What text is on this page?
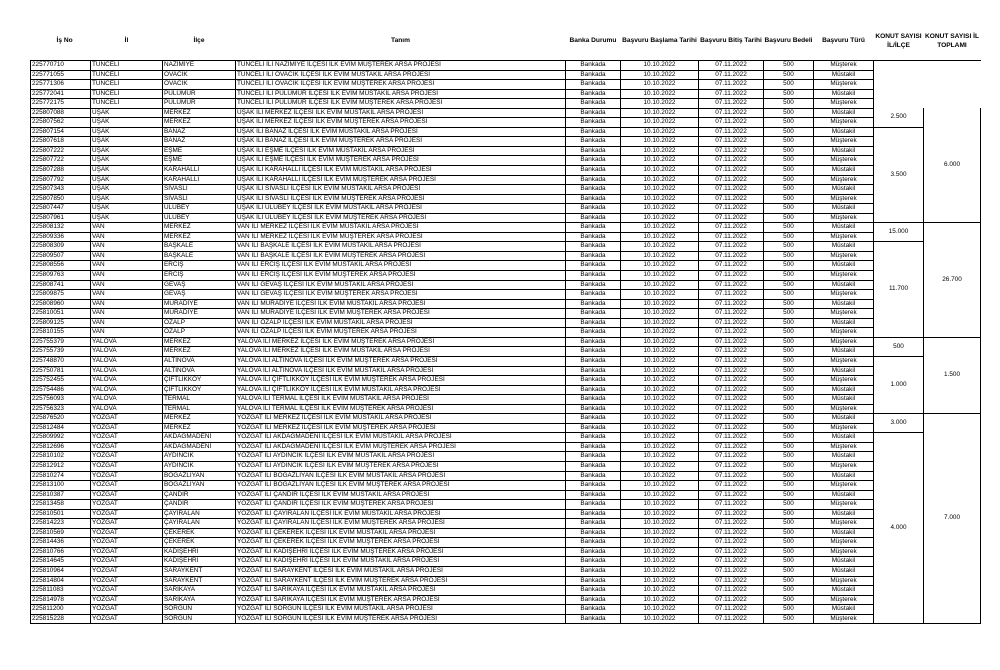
İş No	İl	İlçe	Tanım	Banka Durumu	Başvuru Başlama Tarihi	Başvuru Bitiş Tarihi	Başvuru Bedeli	Başvuru Türü	KONUT SAYISI İL/İLÇE	KONUT SAYISI İL TOPLAMI
225770710	TUNCELİ	NAZIMİYE	TUNCELİ İLİ NAZIMİYE İLÇESİ İLK EVİM MÜŞTEREK ARSA PROJESİ	Bankada	10.10.2022	07.11.2022	500	Müşterek		
225771055	TUNCELİ	OVACIK	TUNCELİ İLİ OVACIK İLÇESİ İLK EVİM MÜSTAKİL ARSA PROJESİ	Bankada	10.10.2022	07.11.2022	500	Müstakil		
225771306	TUNCELİ	OVACIK	TUNCELİ İLİ OVACIK İLÇESİ İLK EVİM MÜŞTEREK ARSA PROJESİ	Bankada	10.10.2022	07.11.2022	500	Müşterek		
225772041	TUNCELİ	PÜLÜMÜR	TUNCELİ İLİ PÜLÜMÜR İLÇESİ İLK EVİM MÜSTAKİL ARSA PROJESİ	Bankada	10.10.2022	07.11.2022	500	Müstakil		
225772175	TUNCELİ	PÜLÜMÜR	TUNCELİ İLİ PÜLÜMÜR İLÇESİ İLK EVİM MÜŞTEREK ARSA PROJESİ	Bankada	10.10.2022	07.11.2022	500	Müşterek		
225807088	UŞAK	MERKEZ	UŞAK İLİ MERKEZ İLÇESİ İLK EVİM MÜSTAKİL ARSA PROJESİ	Bankada	10.10.2022	07.11.2022	500	Müstakil	2.500	6.000
225807562	UŞAK	MERKEZ	UŞAK İLİ MERKEZ İLÇESİ İLK EVİM MÜŞTEREK ARSA PROJESİ	Bankada	10.10.2022	07.11.2022	500	Müşterek		
225807154	UŞAK	BANAZ	UŞAK İLİ BANAZ İLÇESİ İLK EVİM MÜSTAKİL ARSA PROJESİ	Bankada	10.10.2022	07.11.2022	500	Müstakil	3.500	
225807618	UŞAK	BANAZ	UŞAK İLİ BANAZ İLÇESİ İLK EVİM MÜŞTEREK ARSA PROJESİ	Bankada	10.10.2022	07.11.2022	500	Müşterek		
225807222	UŞAK	EŞME	UŞAK İLİ EŞME İLÇESİ İLK EVİM MÜSTAKİL ARSA PROJESİ	Bankada	10.10.2022	07.11.2022	500	Müstakil		
225807722	UŞAK	EŞME	UŞAK İLİ EŞME İLÇESİ İLK EVİM MÜŞTEREK ARSA PROJESİ	Bankada	10.10.2022	07.11.2022	500	Müşterek		
225807288	UŞAK	KARAHALLI	UŞAK İLİ KARAHALLI İLÇESİ İLK EVİM MÜSTAKİL ARSA PROJESİ	Bankada	10.10.2022	07.11.2022	500	Müstakil		
225807792	UŞAK	KARAHALLI	UŞAK İLİ KARAHALLI İLÇESİ İLK EVİM MÜŞTEREK ARSA PROJESİ	Bankada	10.10.2022	07.11.2022	500	Müşterek		
225807343	UŞAK	SİVASLI	UŞAK İLİ SİVASLI İLÇESİ İLK EVİM MÜSTAKİL ARSA PROJESİ	Bankada	10.10.2022	07.11.2022	500	Müstakil		
225807850	UŞAK	SİVASLI	UŞAK İLİ SİVASLI İLÇESİ İLK EVİM MÜŞTEREK ARSA PROJESİ	Bankada	10.10.2022	07.11.2022	500	Müşterek		
225807447	UŞAK	ULUBEY	UŞAK İLİ ULUBEY İLÇESİ İLK EVİM MÜSTAKİL ARSA PROJESİ	Bankada	10.10.2022	07.11.2022	500	Müstakil		
225807961	UŞAK	ULUBEY	UŞAK İLİ ULUBEY İLÇESİ İLK EVİM MÜŞTEREK ARSA PROJESİ	Bankada	10.10.2022	07.11.2022	500	Müşterek		
225808132	VAN	MERKEZ	VAN İLİ MERKEZ İLÇESİ İLK EVİM MÜSTAKİL ARSA PROJESİ	Bankada	10.10.2022	07.11.2022	500	Müstakil	15.000	26.700
225809336	VAN	MERKEZ	VAN İLİ MERKEZ İLÇESİ İLK EVİM MÜŞTEREK ARSA PROJESİ	Bankada	10.10.2022	07.11.2022	500	Müşterek		
225808309	VAN	BAŞKALE	VAN İLİ BAŞKALE İLÇESİ İLK EVİM MÜSTAKİL ARSA PROJESİ	Bankada	10.10.2022	07.11.2022	500	Müstakil	11.700	
225809507	VAN	BAŞKALE	VAN İLİ BAŞKALE İLÇESİ İLK EVİM MÜŞTEREK ARSA PROJESİ	Bankada	10.10.2022	07.11.2022	500	Müşterek		
225808556	VAN	ERCİŞ	VAN İLİ ERCİŞ İLÇESİ İLK EVİM MÜSTAKİL ARSA PROJESİ	Bankada	10.10.2022	07.11.2022	500	Müstakil		
225809763	VAN	ERCİŞ	VAN İLİ ERCİŞ İLÇESİ İLK EVİM MÜŞTEREK ARSA PROJESİ	Bankada	10.10.2022	07.11.2022	500	Müşterek		
225808741	VAN	GEVAŞ	VAN İLİ GEVAŞ İLÇESİ İLK EVİM MÜSTAKİL ARSA PROJESİ	Bankada	10.10.2022	07.11.2022	500	Müstakil		
225809875	VAN	GEVAŞ	VAN İLİ GEVAŞ İLÇESİ İLK EVİM MÜŞTEREK ARSA PROJESİ	Bankada	10.10.2022	07.11.2022	500	Müşterek		
225808960	VAN	MURADİYE	VAN İLİ MURADİYE İLÇESİ İLK EVİM MÜSTAKİL ARSA PROJESİ	Bankada	10.10.2022	07.11.2022	500	Müstakil		
225810051	VAN	MURADİYE	VAN İLİ MURADİYE İLÇESİ İLK EVİM MÜŞTEREK ARSA PROJESİ	Bankada	10.10.2022	07.11.2022	500	Müşterek		
225809125	VAN	ÖZALP	VAN İLİ ÖZALP İLÇESİ İLK EVİM MÜSTAKİL ARSA PROJESİ	Bankada	10.10.2022	07.11.2022	500	Müstakil		
225810155	VAN	ÖZALP	VAN İLİ ÖZALP İLÇESİ İLK EVİM MÜŞTEREK ARSA PROJESİ	Bankada	10.10.2022	07.11.2022	500	Müşterek		
225755379	YALOVA	MERKEZ	YALOVA İLİ MERKEZ İLÇESİ İLK EVİM MÜŞTEREK ARSA PROJESİ	Bankada	10.10.2022	07.11.2022	500	Müşterek	500	1.500
225755739	YALOVA	MERKEZ	YALOVA İLİ MERKEZ İLÇESİ İLK EVİM MÜSTAKİL ARSA PROJESİ	Bankada	10.10.2022	07.11.2022	500	Müstakil		
225748870	YALOVA	ALTINOVA	YALOVA İLİ ALTINOVA İLÇESİ İLK EVİM MÜŞTEREK ARSA PROJESİ	Bankada	10.10.2022	07.11.2022	500	Müşterek	1.000	
225750781	YALOVA	ALTINOVA	YALOVA İLİ ALTINOVA İLÇESİ İLK EVİM MÜSTAKİL ARSA PROJESİ	Bankada	10.10.2022	07.11.2022	500	Müstakil		
225752455	YALOVA	ÇİFTLİKKÖY	YALOVA İLİ ÇİFTLİKKÖY İLÇESİ İLK EVİM MÜŞTEREK ARSA PROJESİ	Bankada	10.10.2022	07.11.2022	500	Müşterek		
225754486	YALOVA	ÇİFTLİKKÖY	YALOVA İLİ ÇİFTLİKKÖY İLÇESİ İLK EVİM MÜSTAKİL ARSA PROJESİ	Bankada	10.10.2022	07.11.2022	500	Müstakil		
225756093	YALOVA	TERMAL	YALOVA İLİ TERMAL İLÇESİ İLK EVİM MÜSTAKİL ARSA PROJESİ	Bankada	10.10.2022	07.11.2022	500	Müstakil		
225756323	YALOVA	TERMAL	YALOVA İLİ TERMAL İLÇESİ İLK EVİM MÜŞTEREK ARSA PROJESİ	Bankada	10.10.2022	07.11.2022	500	Müşterek		
225876520	YOZGAT	MERKEZ	YOZGAT İLİ MERKEZ İLÇESİ İLK EVİM MÜSTAKİL ARSA PROJESİ	Bankada	10.10.2022	07.11.2022	500	Müstakil	3.000	7.000
225812484	YOZGAT	MERKEZ	YOZGAT İLİ MERKEZ İLÇESİ İLK EVİM MÜŞTEREK ARSA PROJESİ	Bankada	10.10.2022	07.11.2022	500	Müşterek		
225809992	YOZGAT	AKDAĞMADENİ	YOZGAT İLİ AKDAĞMADENİ İLÇESİ İLK EVİM MÜSTAKİL ARSA PROJESİ	Bankada	10.10.2022	07.11.2022	500	Müstakil	4.000	
225812696	YOZGAT	AKDAĞMADENİ	YOZGAT İLİ AKDAĞMADENİ İLÇESİ İLK EVİM MÜŞTEREK ARSA PROJESİ	Bankada	10.10.2022	07.11.2022	500	Müşterek		
225810102	YOZGAT	AYDINCIK	YOZGAT İLİ AYDINCIK İLÇESİ İLK EVİM MÜSTAKİL ARSA PROJESİ	Bankada	10.10.2022	07.11.2022	500	Müstakil		
225812912	YOZGAT	AYDINCIK	YOZGAT İLİ AYDINCIK İLÇESİ İLK EVİM MÜŞTEREK ARSA PROJESİ	Bankada	10.10.2022	07.11.2022	500	Müşterek		
225810274	YOZGAT	BOĞAZLIYAN	YOZGAT İLİ BOĞAZLIYAN İLÇESİ İLK EVİM MÜSTAKİL ARSA PROJESİ	Bankada	10.10.2022	07.11.2022	500	Müstakil		
225813100	YOZGAT	BOĞAZLIYAN	YOZGAT İLİ BOĞAZLIYAN İLÇESİ İLK EVİM MÜŞTEREK ARSA PROJESİ	Bankada	10.10.2022	07.11.2022	500	Müşterek		
225810387	YOZGAT	ÇANDIR	YOZGAT İLİ ÇANDIR İLÇESİ İLK EVİM MÜSTAKİL ARSA PROJESİ	Bankada	10.10.2022	07.11.2022	500	Müstakil		
225813458	YOZGAT	ÇANDIR	YOZGAT İLİ ÇANDIR İLÇESİ İLK EVİM MÜŞTEREK ARSA PROJESİ	Bankada	10.10.2022	07.11.2022	500	Müşterek		
225810501	YOZGAT	ÇAYIRALAN	YOZGAT İLİ ÇAYIRALAN İLÇESİ İLK EVİM MÜSTAKİL ARSA PROJESİ	Bankada	10.10.2022	07.11.2022	500	Müstakil		
225814223	YOZGAT	ÇAYIRALAN	YOZGAT İLİ ÇAYIRALAN İLÇESİ İLK EVİM MÜŞTEREK ARSA PROJESİ	Bankada	10.10.2022	07.11.2022	500	Müşterek		
225810569	YOZGAT	ÇEKEREK	YOZGAT İLİ ÇEKEREK İLÇESİ İLK EVİM MÜSTAKİL ARSA PROJESİ	Bankada	10.10.2022	07.11.2022	500	Müstakil		
225814436	YOZGAT	ÇEKEREK	YOZGAT İLİ ÇEKEREK İLÇESİ İLK EVİM MÜŞTEREK ARSA PROJESİ	Bankada	10.10.2022	07.11.2022	500	Müşterek		
225810766	YOZGAT	KADIŞEHRİ	YOZGAT İLİ KADIŞEHRİ İLÇESİ İLK EVİM MÜŞTEREK ARSA PROJESİ	Bankada	10.10.2022	07.11.2022	500	Müşterek		
225814645	YOZGAT	KADIŞEHRİ	YOZGAT İLİ KADIŞEHRİ İLÇESİ İLK EVİM MÜSTAKİL ARSA PROJESİ	Bankada	10.10.2022	07.11.2022	500	Müstakil		
225810964	YOZGAT	SARAYKENT	YOZGAT İLİ SARAYKENT İLÇESİ İLK EVİM MÜSTAKİL ARSA PROJESİ	Bankada	10.10.2022	07.11.2022	500	Müstakil		
225814804	YOZGAT	SARAYKENT	YOZGAT İLİ SARAYKENT İLÇESİ İLK EVİM MÜŞTEREK ARSA PROJESİ	Bankada	10.10.2022	07.11.2022	500	Müşterek		
225811083	YOZGAT	SARIKAYA	YOZGAT İLİ SARIKAYA İLÇESİ İLK EVİM MÜSTAKİL ARSA PROJESİ	Bankada	10.10.2022	07.11.2022	500	Müstakil		
225814978	YOZGAT	SARIKAYA	YOZGAT İLİ SARIKAYA İLÇESİ İLK EVİM MÜŞTEREK ARSA PROJESİ	Bankada	10.10.2022	07.11.2022	500	Müşterek		
225811200	YOZGAT	SORGUN	YOZGAT İLİ SORGUN İLÇESİ İLK EVİM MÜSTAKİL ARSA PROJESİ	Bankada	10.10.2022	07.11.2022	500	Müstakil		
225815228	YOZGAT	SORGUN	YOZGAT İLİ SORGUN İLÇESİ İLK EVİM MÜŞTEREK ARSA PROJESİ	Bankada	10.10.2022	07.11.2022	500	Müşterek		
